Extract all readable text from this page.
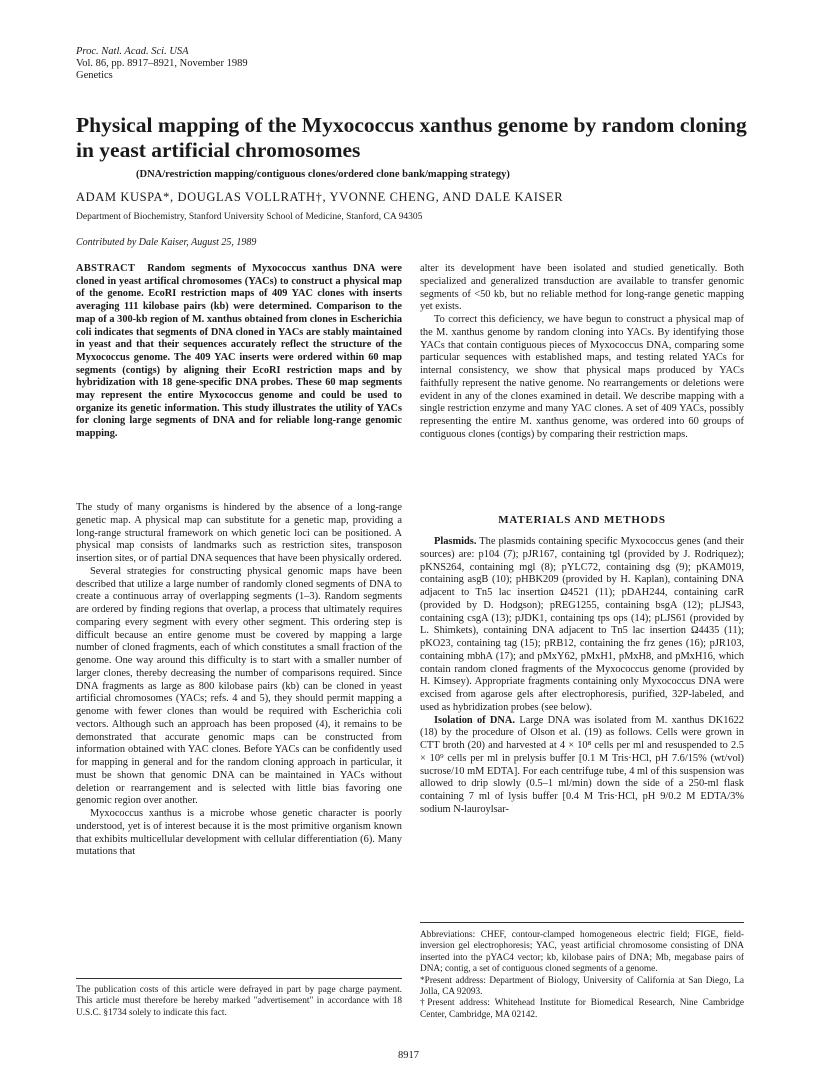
Proc. Natl. Acad. Sci. USA
Vol. 86, pp. 8917–8921, November 1989
Genetics
Physical mapping of the Myxococcus xanthus genome by random cloning in yeast artificial chromosomes
(DNA/restriction mapping/contiguous clones/ordered clone bank/mapping strategy)
ADAM KUSPA*, DOUGLAS VOLLRATH†, YVONNE CHENG, AND DALE KAISER
Department of Biochemistry, Stanford University School of Medicine, Stanford, CA 94305
Contributed by Dale Kaiser, August 25, 1989

ABSTRACT Random segments of Myxococcus xanthus DNA were cloned in yeast artifical chromosomes (YACs) to construct a physical map of the genome. EcoRI restriction maps of 409 YAC clones with inserts averaging 111 kilobase pairs (kb) were determined. Comparison to the map of a 300-kb region of M. xanthus obtained from clones in Escherichia coli indicates that segments of DNA cloned in YACs are stably maintained in yeast and that their sequences accurately reflect the structure of the Myxococcus genome. The 409 YAC inserts were ordered within 60 map segments (contigs) by aligning their EcoRI restriction maps and by hybridization with 18 gene-specific DNA probes. These 60 map segments may represent the entire Myxococcus genome and could be used to organize its genetic information. This study illustrates the utility of YACs for cloning large segments of DNA and for reliable long-range genomic mapping.

The study of many organisms is hindered by the absence of a long-range genetic map. A physical map can substitute for a genetic map, providing a long-range structural framework on which genetic loci can be positioned. A physical map consists of landmarks such as restriction sites, transposon insertion sites, or of partial DNA sequences that have been physically ordered.

Several strategies for constructing physical genomic maps have been described that utilize a large number of randomly cloned segments of DNA to create a continuous array of overlapping segments (1–3). Random segments are ordered by finding regions that overlap, a process that ultimately requires comparing every segment with every other segment. This ordering step is difficult because an entire genome must be covered by mapping a large number of cloned fragments, each of which constitutes a small fraction of the genome. One way around this difficulty is to start with a smaller number of larger clones, thereby decreasing the number of comparisons required. Since DNA fragments as large as 800 kilobase pairs (kb) can be cloned in yeast artificial chromosomes (YACs; refs. 4 and 5), they should permit mapping a genome with fewer clones than would be required with Escherichia coli vectors. Although such an approach has been proposed (4), it remains to be demonstrated that accurate genomic maps can be constructed from information obtained with YAC clones. Before YACs can be confidently used for mapping in general and for the random cloning approach in particular, it must be shown that genomic DNA can be maintained in YACs without deletion or rearrangement and is selected with little bias favoring one genomic region over another.

Myxococcus xanthus is a microbe whose genetic character is poorly understood, yet is of interest because it is the most primitive organism known that exhibits multicellular development with cellular differentiation (6). Many mutations that

alter its development have been isolated and studied genetically. Both specialized and generalized transduction are available to transfer genomic segments of <50 kb, but no reliable method for long-range genetic mapping yet exists.

To correct this deficiency, we have begun to construct a physical map of the M. xanthus genome by random cloning into YACs. By identifying those YACs that contain contiguous pieces of Myxococcus DNA, comparing some particular sequences with established maps, and testing related YACs for internal consistency, we show that physical maps produced by YACs faithfully represent the native genome. No rearrangements or deletions were evident in any of the clones examined in detail. We describe mapping with a single restriction enzyme and many YAC clones. A set of 409 YACs, possibly representing the entire M. xanthus genome, was ordered into 60 groups of contiguous clones (contigs) by comparing their restriction maps.

MATERIALS AND METHODS

Plasmids. The plasmids containing specific Myxococcus genes (and their sources) are: p104 (7); pJR167, containing tgl (provided by J. Rodriquez); pKNS264, containing mgl (8); pYLC72, containing dsg (9); pKAM019, containing asgB (10); pHBK209 (provided by H. Kaplan), containing DNA adjacent to Tn5 lac insertion Ω4521 (11); pDAH244, containing carR (provided by D. Hodgson); pREG1255, containing bsgA (12); pLJS43, containing csgA (13); pJDK1, containing tps ops (14); pLJS61 (provided by L. Shimkets), containing DNA adjacent to Tn5 lac insertion Ω4435 (11); pKO23, containing tag (15); pRB12, containing the frz genes (16); pJR103, containing mbhA (17); and pMxY62, pMxH1, pMxH8, and pMxH16, which contain random cloned fragments of the Myxococcus genome (provided by H. Kimsey). Appropriate fragments containing only Myxococcus DNA were excised from agarose gels after electrophoresis, purified, 32P-labeled, and used as hybridization probes (see below).

Isolation of DNA. Large DNA was isolated from M. xanthus DK1622 (18) by the procedure of Olson et al. (19) as follows. Cells were grown in CTT broth (20) and harvested at 4 × 10⁸ cells per ml and resuspended to 2.5 × 10⁹ cells per ml in prelysis buffer [0.1 M Tris·HCl, pH 7.6/15% (wt/vol) sucrose/10 mM EDTA]. For each centrifuge tube, 4 ml of this suspension was allowed to drip slowly (0.5–1 ml/min) down the side of a 250-ml flask containing 7 ml of lysis buffer [0.4 M Tris·HCl, pH 9/0.2 M EDTA/3% sodium N-lauroylsar-

Abbreviations: CHEF, contour-clamped homogeneous electric field; FIGE, field-inversion gel electrophoresis; YAC, yeast artificial chromosome consisting of DNA inserted into the pYAC4 vector; kb, kilobase pairs of DNA; Mb, megabase pairs of DNA; contig, a set of contiguous cloned segments of a genome.

*Present address: Department of Biology, University of California at San Diego, La Jolla, CA 92093.

†Present address: Whitehead Institute for Biomedical Research, Nine Cambridge Center, Cambridge, MA 02142.

The publication costs of this article were defrayed in part by page charge payment. This article must therefore be hereby marked "advertisement" in accordance with 18 U.S.C. §1734 solely to indicate this fact.

8917
